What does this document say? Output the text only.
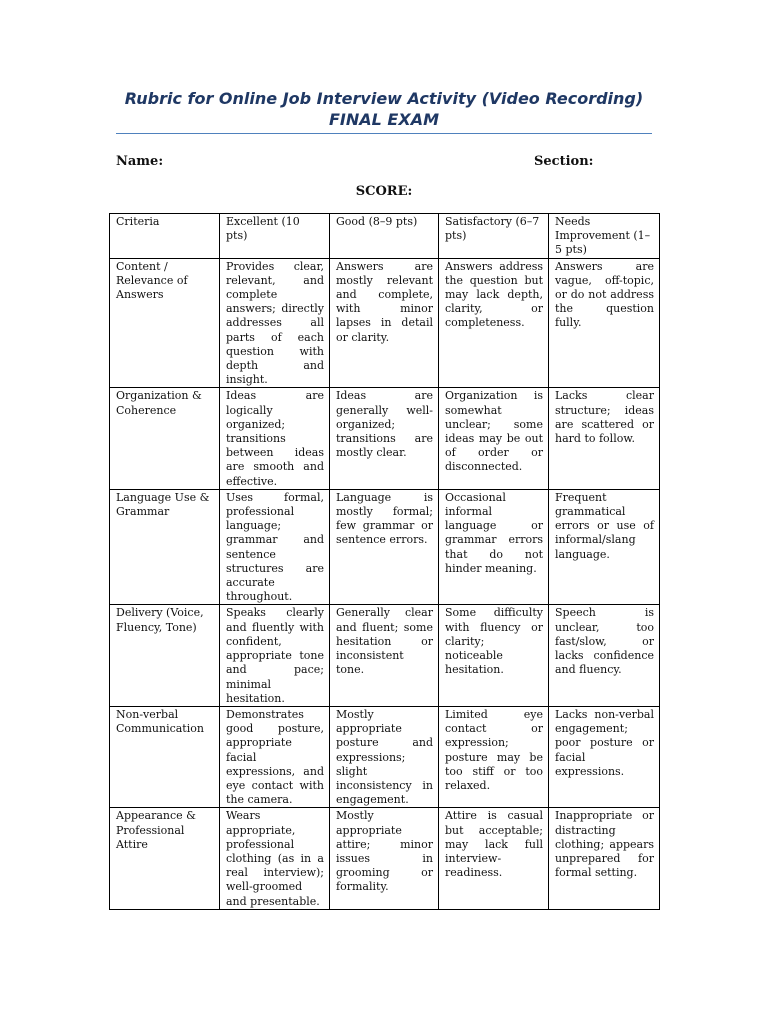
Rubric for Online Job Interview Activity (Video Recording)
FINAL EXAM
Name:	Section:
SCORE:
Criteria	Excellent (10 pts)	Good (8–9 pts)	Satisfactory (6–7 pts)	Needs Improvement (1–5 pts)
Content / Relevance of Answers	Provides clear, relevant, and complete answers; directly addresses all parts of each question with depth and insight.	Answers are mostly relevant and complete, with minor lapses in detail or clarity.	Answers address the question but may lack depth, clarity, or completeness.	Answers are vague, off-topic, or do not address the question fully.
Organization & Coherence	Ideas are logically organized; transitions between ideas are smooth and effective.	Ideas are generally well-organized; transitions are mostly clear.	Organization is somewhat unclear; some ideas may be out of order or disconnected.	Lacks clear structure; ideas are scattered or hard to follow.
Language Use & Grammar	Uses formal, professional language; grammar and sentence structures are accurate throughout.	Language is mostly formal; few grammar or sentence errors.	Occasional informal language or grammar errors that do not hinder meaning.	Frequent grammatical errors or use of informal/slang language.
Delivery (Voice, Fluency, Tone)	Speaks clearly and fluently with confident, appropriate tone and pace; minimal hesitation.	Generally clear and fluent; some hesitation or inconsistent tone.	Some difficulty with fluency or clarity; noticeable hesitation.	Speech is unclear, too fast/slow, or lacks confidence and fluency.
Non-verbal Communication	Demonstrates good posture, appropriate facial expressions, and eye contact with the camera.	Mostly appropriate posture and expressions; slight inconsistency in engagement.	Limited eye contact or expression; posture may be too stiff or too relaxed.	Lacks non-verbal engagement; poor posture or facial expressions.
Appearance & Professional Attire	Wears appropriate, professional clothing (as in a real interview); well-groomed and presentable.	Mostly appropriate attire; minor issues in grooming or formality.	Attire is casual but acceptable; may lack full interview-readiness.	Inappropriate or distracting clothing; appears unprepared for formal setting.
